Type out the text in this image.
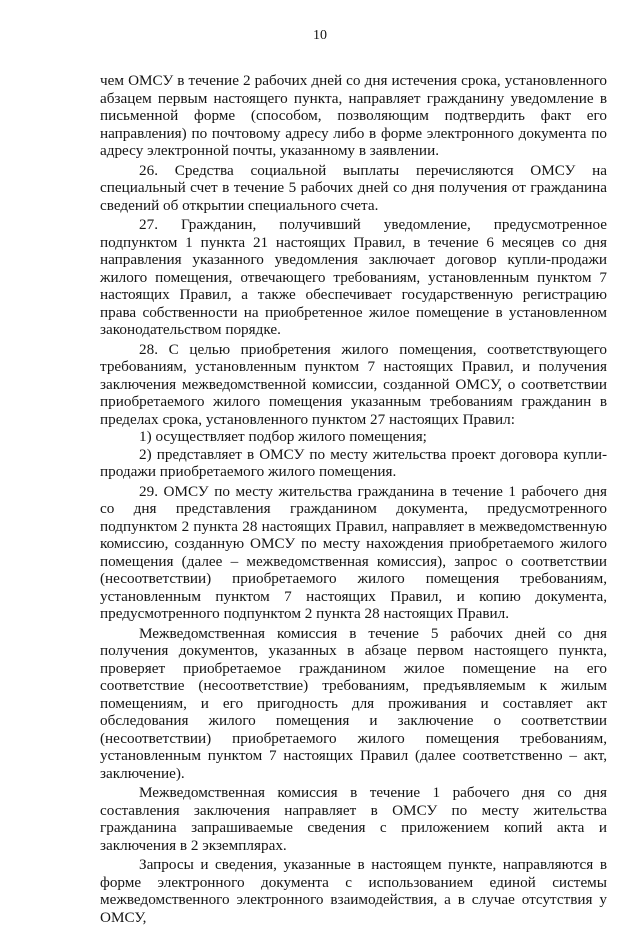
10

чем ОМСУ в течение 2 рабочих дней со дня истечения срока, установленного абзацем первым настоящего пункта, направляет гражданину уведомление в письменной форме (способом, позволяющим подтвердить факт его направления) по почтовому адресу либо в форме электронного документа по адресу электронной почты, указанному в заявлении.

26. Средства социальной выплаты перечисляются ОМСУ на специальный счет в течение 5 рабочих дней со дня получения от гражданина сведений об открытии специального счета.

27. Гражданин, получивший уведомление, предусмотренное подпунктом 1 пункта 21 настоящих Правил, в течение 6 месяцев со дня направления указанного уведомления заключает договор купли-продажи жилого помещения, отвечающего требованиям, установленным пунктом 7 настоящих Правил, а также обеспечивает государственную регистрацию права собственности на приобретенное жилое помещение в установленном законодательством порядке.

28. С целью приобретения жилого помещения, соответствующего требованиям, установленным пунктом 7 настоящих Правил, и получения заключения межведомственной комиссии, созданной ОМСУ, о соответствии приобретаемого жилого помещения указанным требованиям гражданин в пределах срока, установленного пунктом 27 настоящих Правил:

1) осуществляет подбор жилого помещения;

2) представляет в ОМСУ по месту жительства проект договора купли-продажи приобретаемого жилого помещения.

29. ОМСУ по месту жительства гражданина в течение 1 рабочего дня со дня представления гражданином документа, предусмотренного подпунктом 2 пункта 28 настоящих Правил, направляет в межведомственную комиссию, созданную ОМСУ по месту нахождения приобретаемого жилого помещения (далее – межведомственная комиссия), запрос о соответствии (несоответствии) приобретаемого жилого помещения требованиям, установленным пунктом 7 настоящих Правил, и копию документа, предусмотренного подпунктом 2 пункта 28 настоящих Правил.

Межведомственная комиссия в течение 5 рабочих дней со дня получения документов, указанных в абзаце первом настоящего пункта, проверяет приобретаемое гражданином жилое помещение на его соответствие (несоответствие) требованиям, предъявляемым к жилым помещениям, и его пригодность для проживания и составляет акт обследования жилого помещения и заключение о соответствии (несоответствии) приобретаемого жилого помещения требованиям, установленным пунктом 7 настоящих Правил (далее соответственно – акт, заключение).

Межведомственная комиссия в течение 1 рабочего дня со дня составления заключения направляет в ОМСУ по месту жительства гражданина запрашиваемые сведения с приложением копий акта и заключения в 2 экземплярах.

Запросы и сведения, указанные в настоящем пункте, направляются в форме электронного документа с использованием единой системы межведомственного электронного взаимодействия, а в случае отсутствия у ОМСУ,
